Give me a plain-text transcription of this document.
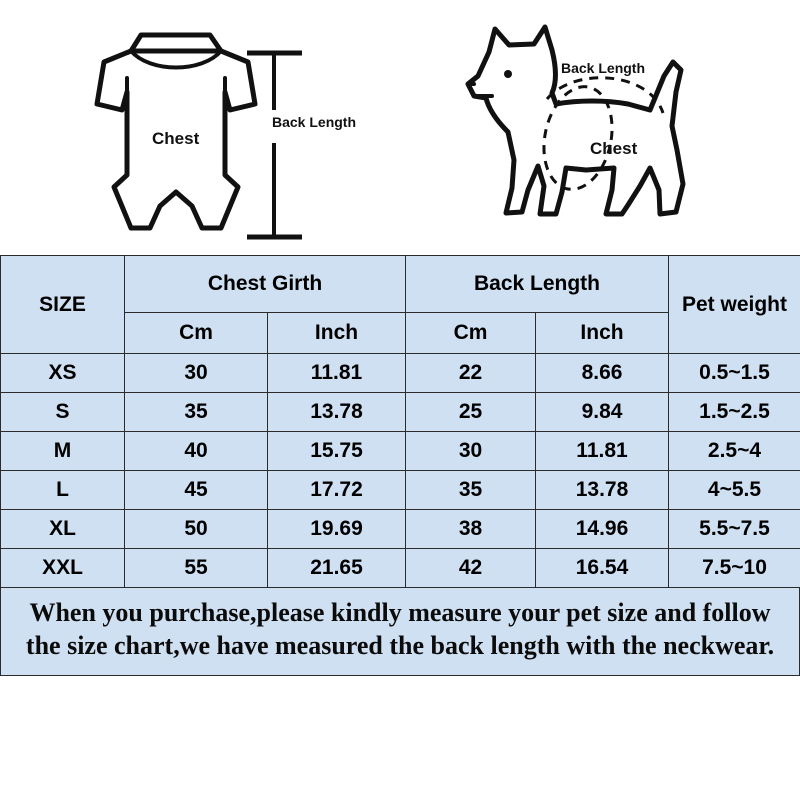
Chest
Back Length
Back Length
Chest
SIZE	Chest Girth		Back Length		Pet weight
	Cm	Inch	Cm	Inch	
XS	30	11.81	22	8.66	0.5~1.5
S	35	13.78	25	9.84	1.5~2.5
M	40	15.75	30	11.81	2.5~4
L	45	17.72	35	13.78	4~5.5
XL	50	19.69	38	14.96	5.5~7.5
XXL	55	21.65	42	16.54	7.5~10
When you purchase,please kindly measure your pet size and follow the size chart,we have measured the back length with the neckwear.
